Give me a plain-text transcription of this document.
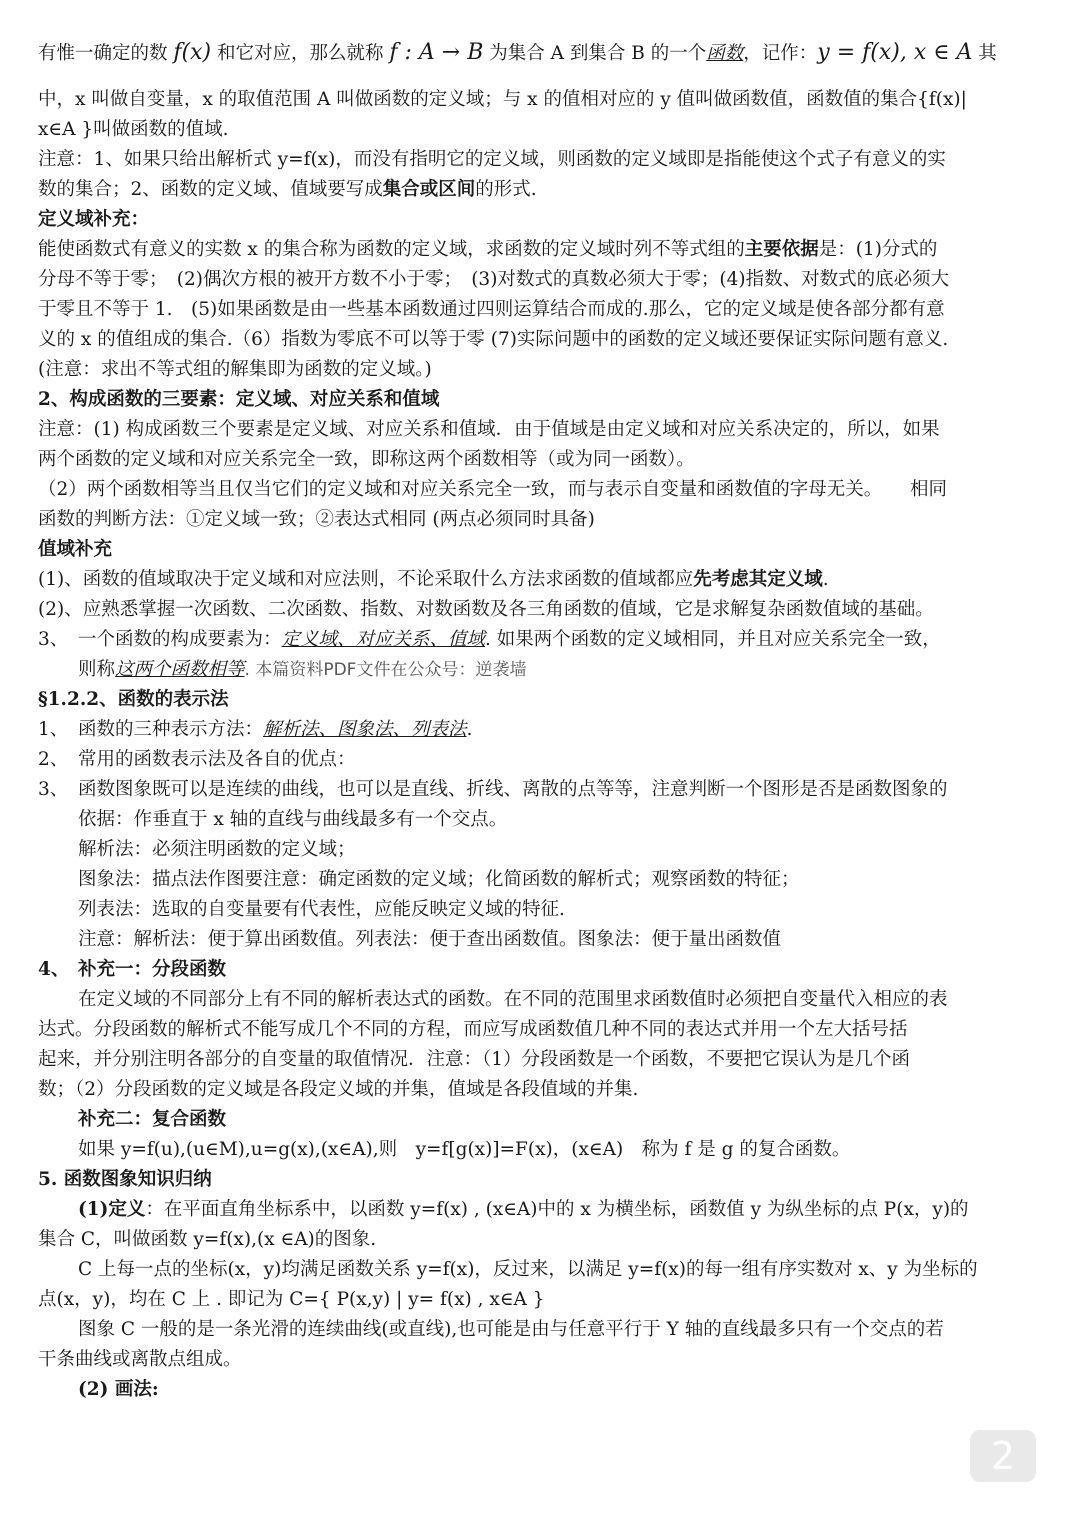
有惟一确定的数 f(x) 和它对应，那么就称 f : A → B 为集合 A 到集合 B 的一个函数，记作：y = f(x), x ∈ A 其
中，x 叫做自变量，x 的取值范围 A 叫做函数的定义域；与 x 的值相对应的 y 值叫做函数值，函数值的集合{f(x)|
x∈A }叫做函数的值域.
注意：1、如果只给出解析式 y=f(x)，而没有指明它的定义域，则函数的定义域即是指能使这个式子有意义的实
数的集合；2、函数的定义域、值域要写成集合或区间的形式.
定义域补充：
能使函数式有意义的实数 x 的集合称为函数的定义域，求函数的定义域时列不等式组的主要依据是：(1)分式的
分母不等于零；　(2)偶次方根的被开方数不小于零；　(3)对数式的真数必须大于零；(4)指数、对数式的底必须大
于零且不等于 1.　(5)如果函数是由一些基本函数通过四则运算结合而成的.那么，它的定义域是使各部分都有意
义的 x 的值组成的集合.（6）指数为零底不可以等于零 (7)实际问题中的函数的定义域还要保证实际问题有意义.
(注意：求出不等式组的解集即为函数的定义域。)
2、构成函数的三要素：定义域、对应关系和值域
注意：(1) 构成函数三个要素是定义域、对应关系和值域．由于值域是由定义域和对应关系决定的，所以，如果
两个函数的定义域和对应关系完全一致，即称这两个函数相等（或为同一函数）。
（2）两个函数相等当且仅当它们的定义域和对应关系完全一致，而与表示自变量和函数值的字母无关。　　相同
函数的判断方法：①定义域一致；②表达式相同 (两点必须同时具备)
值域补充
(1)、函数的值域取决于定义域和对应法则，不论采取什么方法求函数的值域都应先考虑其定义域.
(2)、应熟悉掌握一次函数、二次函数、指数、对数函数及各三角函数的值域，它是求解复杂函数值域的基础。
3、 一个函数的构成要素为：定义域、对应关系、值域. 如果两个函数的定义域相同，并且对应关系完全一致，
则称这两个函数相等. 本篇资料PDF文件在公众号：逆袭墙
§1.2.2、函数的表示法
1、 函数的三种表示方法：解析法、图象法、列表法.
2、 常用的函数表示法及各自的优点：
3、 函数图象既可以是连续的曲线，也可以是直线、折线、离散的点等等，注意判断一个图形是否是函数图象的
依据：作垂直于 x 轴的直线与曲线最多有一个交点。
解析法：必须注明函数的定义域；
图象法：描点法作图要注意：确定函数的定义域；化简函数的解析式；观察函数的特征；
列表法：选取的自变量要有代表性，应能反映定义域的特征.
注意：解析法：便于算出函数值。列表法：便于查出函数值。图象法：便于量出函数值
4、 补充一：分段函数
在定义域的不同部分上有不同的解析表达式的函数。在不同的范围里求函数值时必须把自变量代入相应的表
达式。分段函数的解析式不能写成几个不同的方程，而应写成函数值几种不同的表达式并用一个左大括号括
起来，并分别注明各部分的自变量的取值情况．注意：（1）分段函数是一个函数，不要把它误认为是几个函
数；（2）分段函数的定义域是各段定义域的并集，值域是各段值域的并集.
补充二：复合函数
如果 y=f(u),(u∈M),u=g(x),(x∈A),则　y=f[g(x)]=F(x)，(x∈A)　称为 f 是 g 的复合函数。
5. 函数图象知识归纳
(1)定义：在平面直角坐标系中，以函数 y=f(x) , (x∈A)中的 x 为横坐标，函数值 y 为纵坐标的点 P(x，y)的
集合 C，叫做函数 y=f(x),(x ∈A)的图象.
C 上每一点的坐标(x，y)均满足函数关系 y=f(x)，反过来，以满足 y=f(x)的每一组有序实数对 x、y 为坐标的
点(x，y)，均在 C 上 . 即记为 C={ P(x,y) | y= f(x) , x∈A }
图象 C 一般的是一条光滑的连续曲线(或直线),也可能是由与任意平行于 Y 轴的直线最多只有一个交点的若
干条曲线或离散点组成。
(2) 画法:
2
